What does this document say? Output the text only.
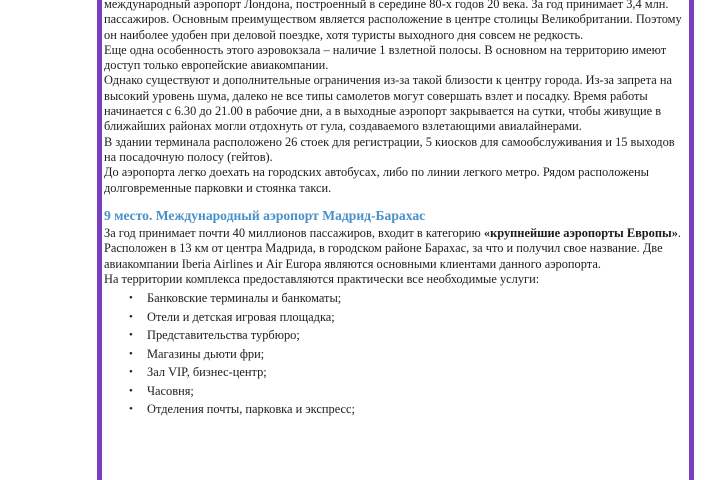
международный аэропорт Лондона, построенный в середине 80-х годов 20 века. За год принимает 3,4 млн. пассажиров. Основным преимуществом является расположение в центре столицы Великобритании. Поэтому он наиболее удобен при деловой поездке, хотя туристы выходного дня совсем не редкость.

Еще одна особенность этого аэровокзала – наличие 1 взлетной полосы. В основном на территорию имеют доступ только европейские авиакомпании.

Однако существуют и дополнительные ограничения из-за такой близости к центру города. Из-за запрета на высокий уровень шума, далеко не все типы самолетов могут совершать взлет и посадку. Время работы начинается с 6.30 до 21.00 в рабочие дни, а в выходные аэропорт закрывается на сутки, чтобы живущие в ближайших районах могли отдохнуть от гула, создаваемого взлетающими авиалайнерами.

В здании терминала расположено 26 стоек для регистрации, 5 киосков для самообслуживания и 15 выходов на посадочную полосу (гейтов).

До аэропорта легко доехать на городских автобусах, либо по линии легкого метро. Рядом расположены долговременные парковки и стоянка такси.

9 место. Международный аэропорт Мадрид-Барахас

За год принимает почти 40 миллионов пассажиров, входит в категорию «крупнейшие аэропорты Европы». Расположен в 13 км от центра Мадрида, в городском районе Барахас, за что и получил свое название. Две авиакомпании Iberia Airlines и Air Europa являются основными клиентами данного аэропорта.

На территории комплекса предоставляются практически все необходимые услуги:

• Банковские терминалы и банкоматы;
• Отели и детская игровая площадка;
• Представительства турбюро;
• Магазины дьюти фри;
• Зал VIP, бизнес-центр;
• Часовня;
• Отделения почты, парковка и экспресс;
